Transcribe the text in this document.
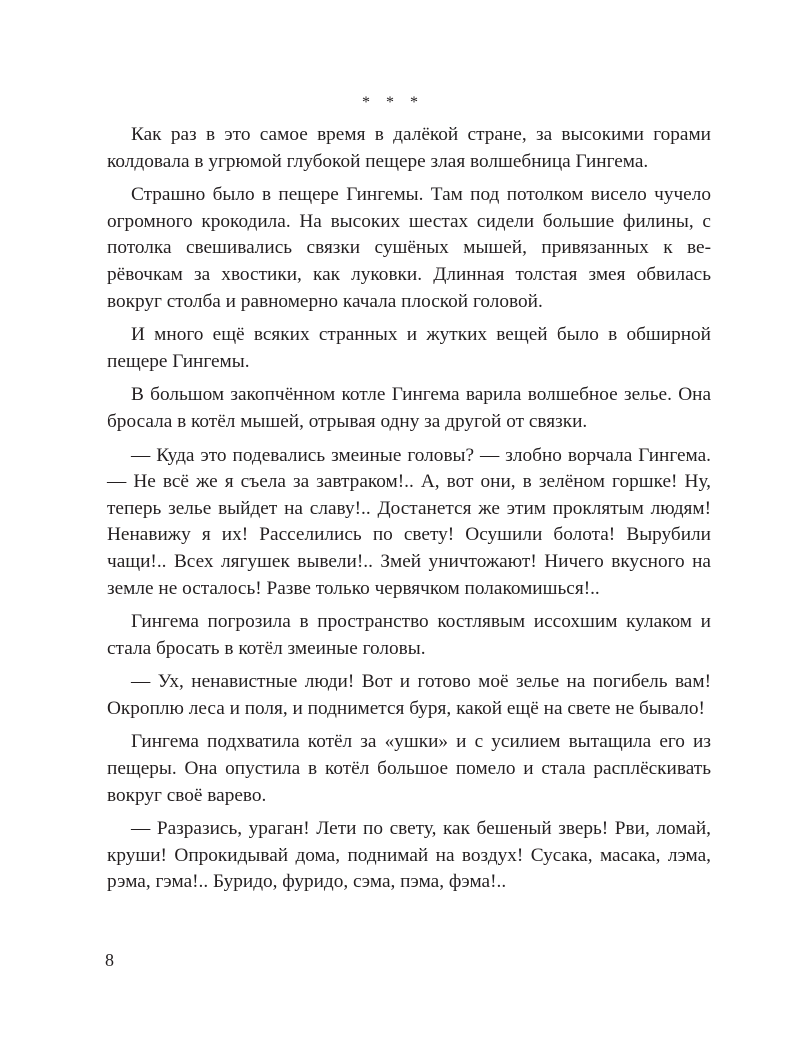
* * *

Как раз в это самое время в далёкой стране, за высокими горами колдовала в угрюмой глубокой пещере злая волшебница Гингема.

Страшно было в пещере Гингемы. Там под потолком висело чучело огромного крокодила. На высоких шестах сидели большие филины, с потолка свешивались связки сушёных мышей, привязанных к верёвочкам за хвостики, как луковки. Длинная толстая змея обвилась вокруг столба и равномерно качала плоской головой.

И много ещё всяких странных и жутких вещей было в обширной пещере Гингемы.

В большом закопчённом котле Гингема варила волшебное зелье. Она бросала в котёл мышей, отрывая одну за другой от связки.

— Куда это подевались змеиные головы? — злобно ворчала Гингема. — Не всё же я съела за завтраком!.. А, вот они, в зелёном горшке! Ну, теперь зелье выйдет на славу!.. Достанется же этим проклятым людям! Ненавижу я их! Расселились по свету! Осушили болота! Вырубили чащи!.. Всех лягушек вывели!.. Змей уничтожают! Ничего вкусного на земле не осталось! Разве только червячком полакомишься!..

Гингема погрозила в пространство костлявым иссохшим кулаком и стала бросать в котёл змеиные головы.

— Ух, ненавистные люди! Вот и готово моё зелье на погибель вам! Окроплю леса и поля, и поднимется буря, какой ещё на свете не бывало!

Гингема подхватила котёл за «ушки» и с усилием вытащила его из пещеры. Она опустила в котёл большое помело и стала расплёскивать вокруг своё варево.

— Разразись, ураган! Лети по свету, как бешеный зверь! Рви, ломай, круши! Опрокидывай дома, поднимай на воздух! Сусака, масака, лэма, рэма, гэма!.. Буридо, фуридо, сэма, пэма, фэма!..

8
